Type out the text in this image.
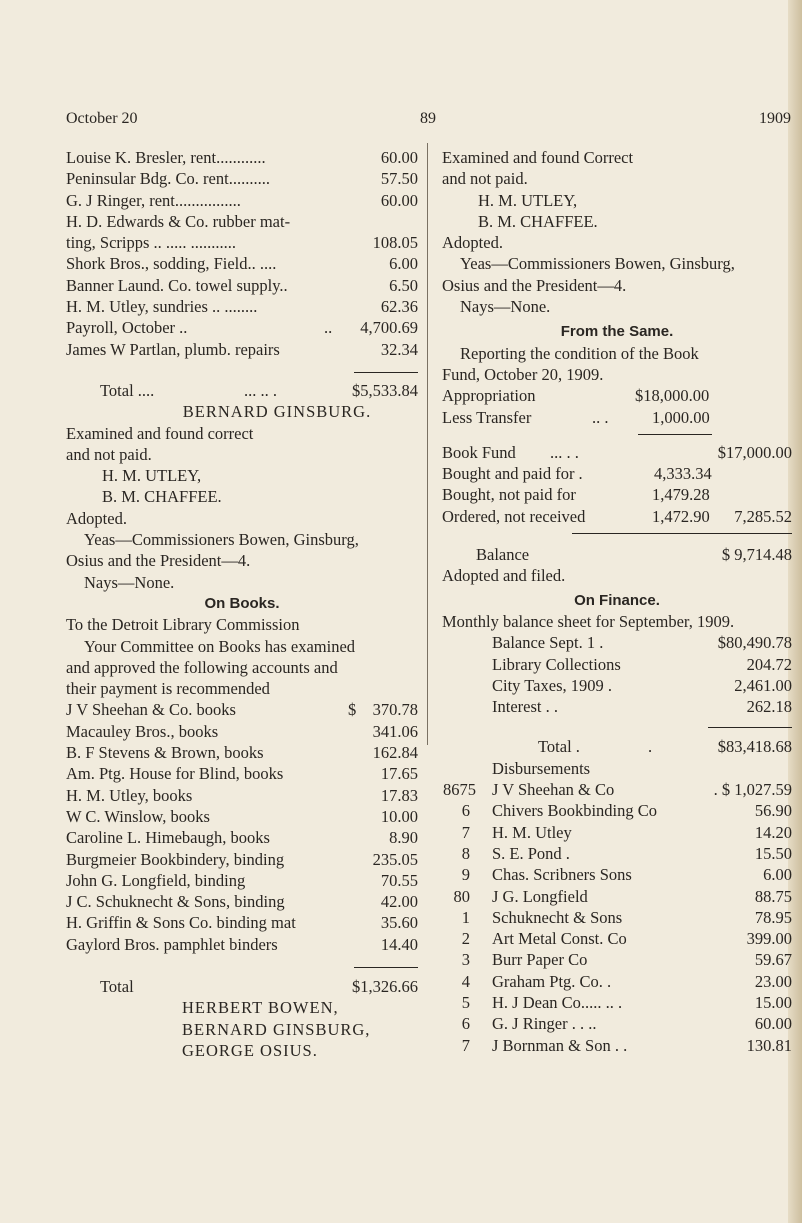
October 20	89	1909
Louise K. Bresler, rent............	60.00
Peninsular Bdg. Co. rent..........	57.50
G. J Ringer, rent................	60.00
H. D. Edwards & Co. rubber mat-
ting, Scripps .. ..... ...........	108.05
Shork Bros., sodding, Field.. ....	6.00
Banner Laund. Co. towel supply..	6.50
H. M. Utley, sundries .. ........	62.36
Payroll, October ..	.. 4,700.69
James W Partlan, plumb. repairs	32.34
Total ....	... .. .	$5,533.84
BERNARD GINSBURG.
Examined and found correct
and not paid.
H. M. UTLEY,
B. M. CHAFFEE.
Adopted.
Yeas—Commissioners Bowen, Ginsburg,
Osius and the President—4.
Nays—None.
On Books.
To the Detroit Library Commission
Your Committee on Books has examined
and approved the following accounts and
their payment is recommended
J V Sheehan & Co. books	$ 370.78
Macauley Bros., books	341.06
B. F Stevens & Brown, books	162.84
Am. Ptg. House for Blind, books	17.65
H. M. Utley, books	17.83
W C. Winslow, books	10.00
Caroline L. Himebaugh, books	8.90
Burgmeier Bookbindery, binding	235.05
John G. Longfield, binding	70.55
J C. Schuknecht & Sons, binding	42.00
H. Griffin & Sons Co. binding mat	35.60
Gaylord Bros. pamphlet binders	14.40
Total	$1,326.66
HERBERT BOWEN,
BERNARD GINSBURG,
GEORGE OSIUS.
Examined and found Correct
and not paid.
H. M. UTLEY,
B. M. CHAFFEE.
Adopted.
Yeas—Commissioners Bowen, Ginsburg,
Osius and the President—4.
Nays—None.
From the Same.
Reporting the condition of the Book
Fund, October 20, 1909.
Appropriation	$18,000.00
Less Transfer	.. .	1,000.00
Book Fund ... . .	$17,000.00
Bought and paid for .	4,333.34
Bought, not paid for	1,479.28
Ordered, not received	1,472.90 7,285.52
Balance	$ 9,714.48
Adopted and filed.
On Finance.
Monthly balance sheet for September, 1909.
Balance Sept. 1 .	$80,490.78
Library Collections	204.72
City Taxes, 1909 .	2,461.00
Interest . .	262.18
Total .	.	$83,418.68
Disbursements
8675 J V Sheehan & Co	. $ 1,027.59
6 Chivers Bookbinding Co	56.90
7 H. M. Utley	14.20
8 S. E. Pond .	15.50
9 Chas. Scribners Sons	6.00
80 J G. Longfield	88.75
1 Schuknecht & Sons	78.95
2 Art Metal Const. Co	399.00
3 Burr Paper Co	59.67
4 Graham Ptg. Co. .	23.00
5 H. J Dean Co..... .. .	15.00
6 G. J Ringer . . ..	60.00
7 J Bornman & Son . .	130.81
